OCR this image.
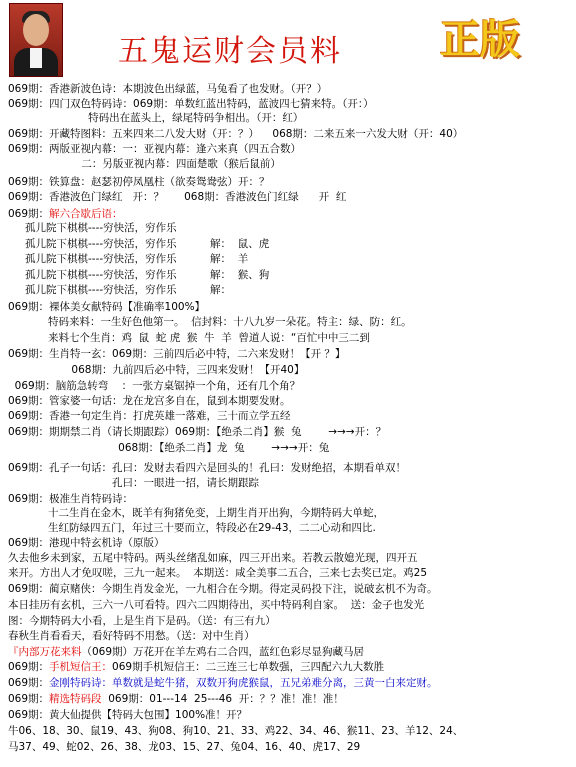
五鬼运财会员料 正版
069期：香港新波色诗：本期波色出绿蓝，马兔看了也发财。（开？）
069期：四门双色特码诗：069期：单数红蓝出特码，蓝波四七猜来特。（开：）
特码出在蓝头上，绿尾特码争相出。（开：红）
069期：开藏特图料：五来四来二八发大财（开：？）    068期：二来五来一六发大财（开：40）
069期：两版亚视内幕：一：亚视内幕：逢六来真（四五合数）
二：另版亚视内幕：四面楚歌（猴后鼠前）
069期：铁算盘：赵瑟初停凤凰柱（欲奏鸳鸯弦）开：？
069期：香港波色门绿红   开：？      068期：香港波色门红绿      开  红
069期：解六合歇后语：
孤儿院下棋棋----穷快活，穷作乐
孤儿院下棋棋----穷快活，穷作乐          解：  鼠、虎
孤儿院下棋棋----穷快活，穷作乐          解：  羊
孤儿院下棋棋----穷快活，穷作乐          解：  猴、狗
孤儿院下棋棋----穷快活，穷作乐          解：
069期：裸体美女献特码【准确率100%】
特码来料：一生好色他第一。  信封料：十八九岁一朵花。特主：绿、防：红。
来料七个生肖：鸡  鼠  蛇 虎  猴  牛  羊  曾道人说：“百忙中中三二到
069期：生肖特一玄：069期：三前四后必中特，二六来发财！【开 ？】
068期：九前四后必中特，三四来发财！【开40】
069期：脑筋急转弯    ：一张方桌锯掉一个角，还有几个角？
069期：管家婆一句话：龙在龙宫多自在，鼠到本期要发财。
069期：香港一句定生肖：打虎英雄一落难，三十而立学五经
069期：期期禁二肖（请长期跟踪）069期：【绝杀二肖】猴  兔        →→→开：？
068期：【绝杀二肖】龙  兔        →→→开：兔
069期：孔子一句话：孔曰：发财去看四六是回头的！孔曰：发财绝招，本期看单双！
孔曰：一眼进一招，请长期跟踪
069期：极准生肖特码诗：
十二生肖在金木，既羊有狗猪免变，上期生肖开出狗，今期特码大单蛇，
生红防绿四五门，年过三十要而立，特段必在29-43，二二心动和四比.
069期：港现中特玄机诗（原版）
久去他乡未到家，五尾中特码。两头丝绪乱如麻，四三开出来。若教云散媳光现，四开五
来开。方出人才免叹嗟，三九一起来。  本期送：咸全美事二五合，三来七去奖已定。鸡25
069期：蔺京赌侠：今期生肖发金光，一九相合在今期。得定灵码投下注，说破玄机不为奇。
本日挂历有玄机，三六一八可看特。四六二四期待出，买中特码利自家。  送：金子也发光
图：今期特码大小看，上是生肖下是码。（送：有三有九）
春秋生肖看看天，看好特码不用愁。（送：对中生肖）
『内部万花来料（069期）万花开在羊左鸡右二合四，蓝红色彩尽显狗藏马居
069期：手机短信王：069期手机短信王：二三连三七单数强，三四配六九大数胜
069期：金刚特码诗：单数就是蛇牛猪，双数开狗虎猴鼠，五兄弟难分离，三黄一白来定财。
069期：精选特码段  069期：01---14  25---46  开：？？准！准！准！
069期：黄大仙提供【特码大包围】100%准！开？
牛06、18、30、鼠19、43、狗08、狗10、21、33、鸡22、34、46、猴11、23、羊12、24、
马37、49、蛇02、26、38、龙03、15、27、兔04、16、40、虎17、29
